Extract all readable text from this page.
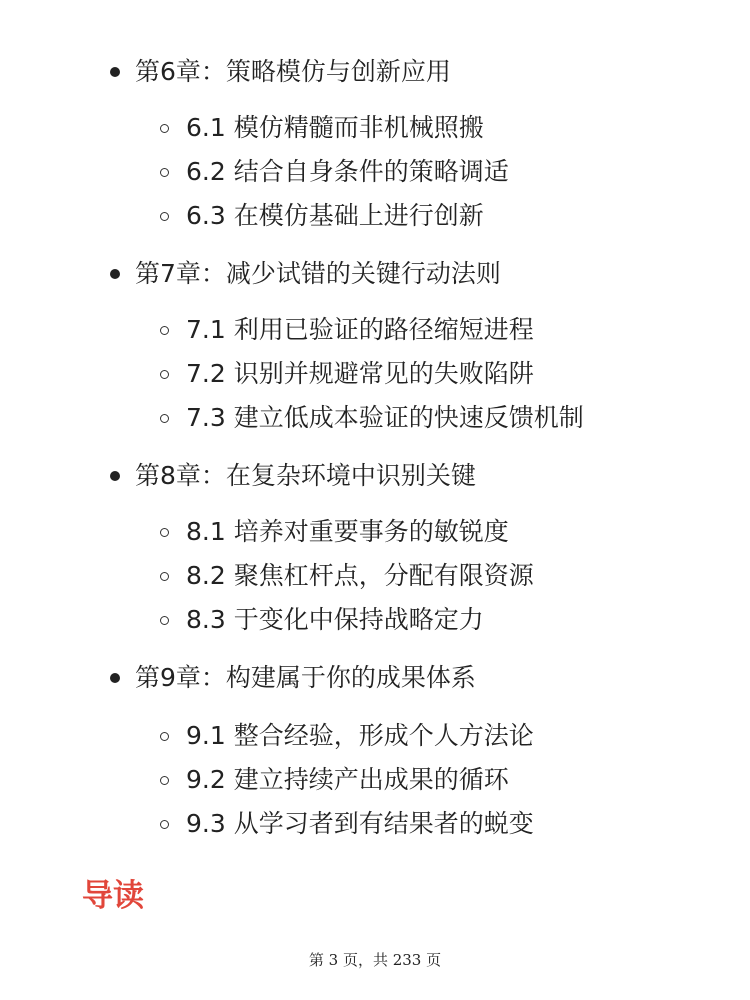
第6章：策略模仿与创新应用
6.1 模仿精髓而非机械照搬
6.2 结合自身条件的策略调适
6.3 在模仿基础上进行创新
第7章：减少试错的关键行动法则
7.1 利用已验证的路径缩短进程
7.2 识别并规避常见的失败陷阱
7.3 建立低成本验证的快速反馈机制
第8章：在复杂环境中识别关键
8.1 培养对重要事务的敏锐度
8.2 聚焦杠杆点，分配有限资源
8.3 于变化中保持战略定力
第9章：构建属于你的成果体系
9.1 整合经验，形成个人方法论
9.2 建立持续产出成果的循环
9.3 从学习者到有结果者的蜕变
导读
第 3 页，共 233 页
